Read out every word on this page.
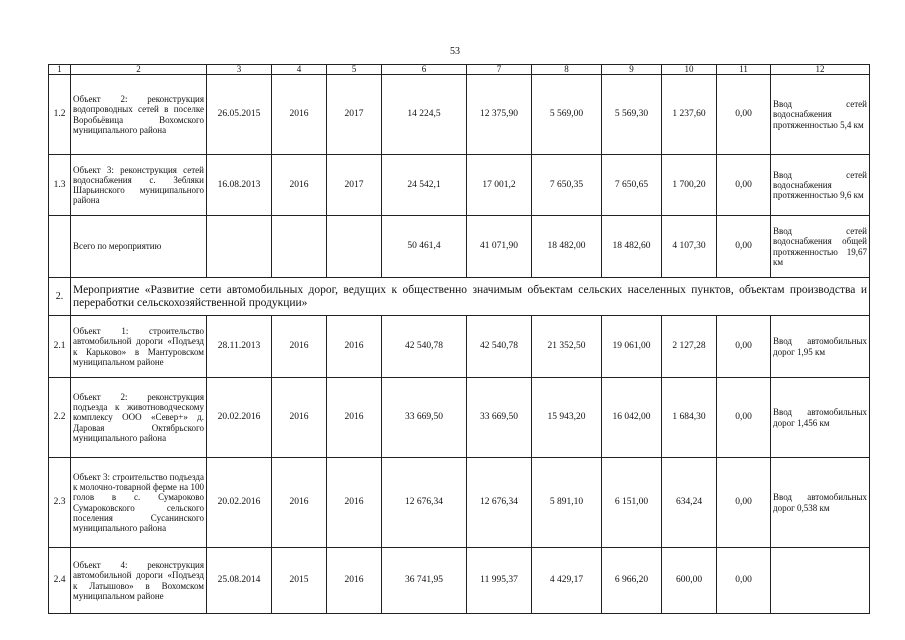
53
1	2	3	4	5	6	7	8	9	10	11	12
1.2	Объект 2: реконструкция водопроводных сетей в поселке Воробьёвица Вохомского муниципального района	26.05.2015	2016	2017	14 224,5	12 375,90	5 569,00	5 569,30	1 237,60	0,00	Ввод сетей водоснабжения протяженностью 5,4 км
1.3	Объект 3: реконструкция сетей водоснабжения с. Зебляки Шарьинского муниципального района	16.08.2013	2016	2017	24 542,1	17 001,2	7 650,35	7 650,65	1 700,20	0,00	Ввод сетей водоснабжения протяженностью 9,6 км
	Всего по мероприятию				50 461,4	41 071,90	18 482,00	18 482,60	4 107,30	0,00	Ввод сетей водоснабжения общей протяженностью 19,67 км
2.	Мероприятие «Развитие сети автомобильных дорог, ведущих к общественно значимым объектам сельских населенных пунктов, объектам производства и переработки сельскохозяйственной продукции»										
2.1	Объект 1: строительство автомобильной дороги «Подъезд к Карьково» в Мантуровском муниципальном районе	28.11.2013	2016	2016	42 540,78	42 540,78	21 352,50	19 061,00	2 127,28	0,00	Ввод автомобильных дорог 1,95 км
2.2	Объект 2: реконструкция подъезда к животноводческому комплексу ООО «Север+» д. Даровая Октябрьского муниципального района	20.02.2016	2016	2016	33 669,50	33 669,50	15 943,20	16 042,00	1 684,30	0,00	Ввод автомобильных дорог 1,456 км
2.3	Объект 3: строительство подъезда к молочно-товарной ферме на 100 голов в с. Сумароково Сумароковского сельского поселения Сусанинского муниципального района	20.02.2016	2016	2016	12 676,34	12 676,34	5 891,10	6 151,00	634,24	0,00	Ввод автомобильных дорог 0,538 км
2.4	Объект 4: реконструкция автомобильной дороги «Подъезд к Латышово» в Вохомском муниципальном районе	25.08.2014	2015	2016	36 741,95	11 995,37	4 429,17	6 966,20	600,00	0,00	
